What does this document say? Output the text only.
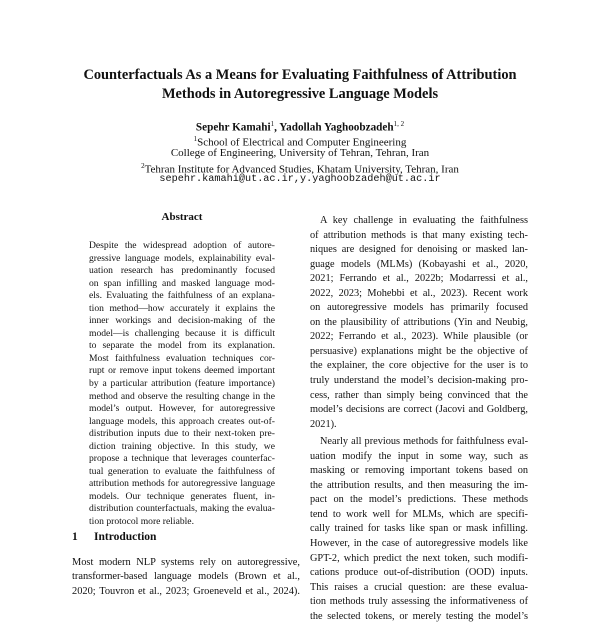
Counterfactuals As a Means for Evaluating Faithfulness of Attribution
Methods in Autoregressive Language Models
Sepehr Kamahi$^1$, Yadollah Yaghoobzadeh$^{1, 2}$
$^1$School of Electrical and Computer Engineering
College of Engineering, University of Tehran, Tehran, Iran
$^2$Tehran Institute for Advanced Studies, Khatam University, Tehran, Iran
sepehr.kamahi@ut.ac.ir,y.yaghoobzadeh@ut.ac.ir
Abstract
Despite the widespread adoption of autore-
gressive language models, explainability eval-
uation research has predominantly focused
on span infilling and masked language mod-
els. Evaluating the faithfulness of an explana-
tion method—how accurately it explains the
inner workings and decision-making of the
model—is challenging because it is difficult
to separate the model from its explanation.
Most faithfulness evaluation techniques cor-
rupt or remove input tokens deemed important
by a particular attribution (feature importance)
method and observe the resulting change in the
model’s output. However, for autoregressive
language models, this approach creates out-of-
distribution inputs due to their next-token pre-
diction training objective. In this study, we
propose a technique that leverages counterfac-
tual generation to evaluate the faithfulness of
attribution methods for autoregressive language
models. Our technique generates fluent, in-
distribution counterfactuals, making the evalua-
tion protocol more reliable.
1 Introduction
Most modern NLP systems rely on autoregressive,
transformer-based language models (Brown et al.,
2020; Touvron et al., 2023; Groeneveld et al., 2024).
A key challenge in evaluating the faithfulness
of attribution methods is that many existing tech-
niques are designed for denoising or masked lan-
guage models (MLMs) (Kobayashi et al., 2020,
2021; Ferrando et al., 2022b; Modarressi et al.,
2022, 2023; Mohebbi et al., 2023). Recent work
on autoregressive models has primarily focused
on the plausibility of attributions (Yin and Neubig,
2022; Ferrando et al., 2023). While plausible (or
persuasive) explanations might be the objective of
the explainer, the core objective for the user is to
truly understand the model’s decision-making pro-
cess, rather than simply being convinced that the
model’s decisions are correct (Jacovi and Goldberg,
2021).
Nearly all previous methods for faithfulness eval-
uation modify the input in some way, such as
masking or removing important tokens based on
the attribution results, and then measuring the im-
pact on the model’s predictions. These methods
tend to work well for MLMs, which are specifi-
cally trained for tasks like span or mask infilling.
However, in the case of autoregressive models like
GPT-2, which predict the next token, such modifi-
cations produce out-of-distribution (OOD) inputs.
This raises a crucial question: are these evalua-
tion methods truly assessing the informativeness of
the selected tokens, or merely testing the model’s
